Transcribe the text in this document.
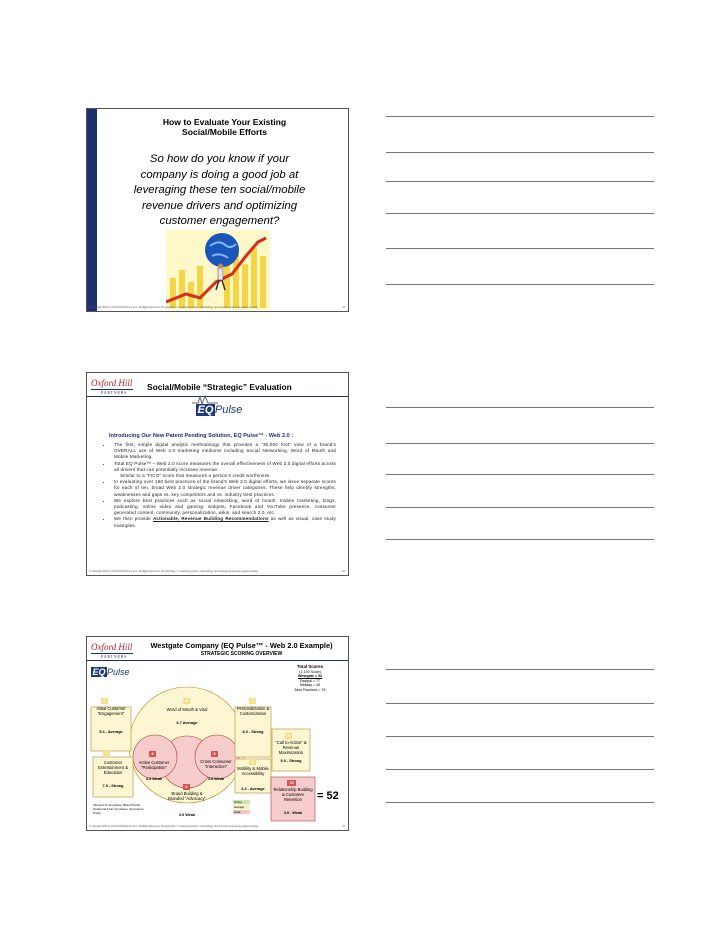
How to Evaluate Your Existing
Social/Mobile Efforts
So how do you know if your
company is doing a good job at
leveraging these ten social/mobile
revenue drivers and optimizing
customer engagement?
© Copyright 2011 by Oxford Hill Partners LLC. All Rights Reserved. The EQ Pulse™ measuring system, methodology, and business process are patent pending.	41
Oxford Hill
PARTNERS
Social/Mobile “Strategic” Evaluation
EQ Pulse
Introducing Our New Patent Pending Solution, EQ Pulse™ - Web 2.0 :
• The first, simple digital analytic methodology that provides a “30,000 foot” view of a brand’s OVERALL use of Web 2.0 marketing mediums including Social Networking, Word of Mouth and Mobile Marketing.
• Total EQ Pulse™ – Web 2.0 score measures the overall effectiveness of Web 2.0 digital efforts across all drivers that can potentially increase revenue.
Similar to a “FICO” score that measures a person’s credit worthiness.
• In evaluating over 160 best practices of the brand’s Web 2.0 digital efforts, we issue separate scores for each of ten, broad Web 2.0 strategic revenue driver categories. These help identify strengths, weaknesses and gaps vs. key competitors and vs. industry best practices.
• We explore best practices such as social networking, word of mouth, mobile marketing, blogs, podcasting, online video and gaming, widgets, Facebook and YouTube presence, consumer generated content, community, personalization, wikis, and search 2.0, etc.
• We then provide Actionable, Revenue Building Recommendations as well as visual, case study examples.
© Copyright 2011 by Oxford Hill Partners LLC. All Rights Reserved. The EQ Pulse™ measuring system, methodology, and business process are patent pending.	42
Oxford Hill
PARTNERS
Westgate Company (EQ Pulse™ - Web 2.0 Example)
STRATEGIC SCORING OVERVIEW
EQ Pulse
Total Scores
(1-100 Scale)
Westgate = 52
Eastpal = 77
Midway = 45
Best Practices = 76
Initial Customer “Engagement”
5.4 - Average
1
Customer Entertainment & Education
7.9 - Strong
2
Active Customer “Participation”
4.3 Weak
3
Word of Mouth & Viral
6.7 Average
4
Cross Consumer “Interaction”
3.6 Weak
5
Brand Building & Branded “Advocacy”
3.9 Weak
6
Personalization & Customization
8.0 - Strong
7
Mobility & Mobile Accessibility
6.4 - Average
8
“Call to Action” & Revenue Maximization
9.0 - Strong
9
Relationship Building & Customer Retention
3.9 - Weak
10
= 52
Inbound To Anywhere (Brand Push)
Outbound From Anywhere (Consumer Push)
strong
average
weak
© Copyright 2011 by Oxford Hill Partners LLC. All Rights Reserved. The EQ Pulse™ measuring system, methodology, and business process are patent pending.	43
